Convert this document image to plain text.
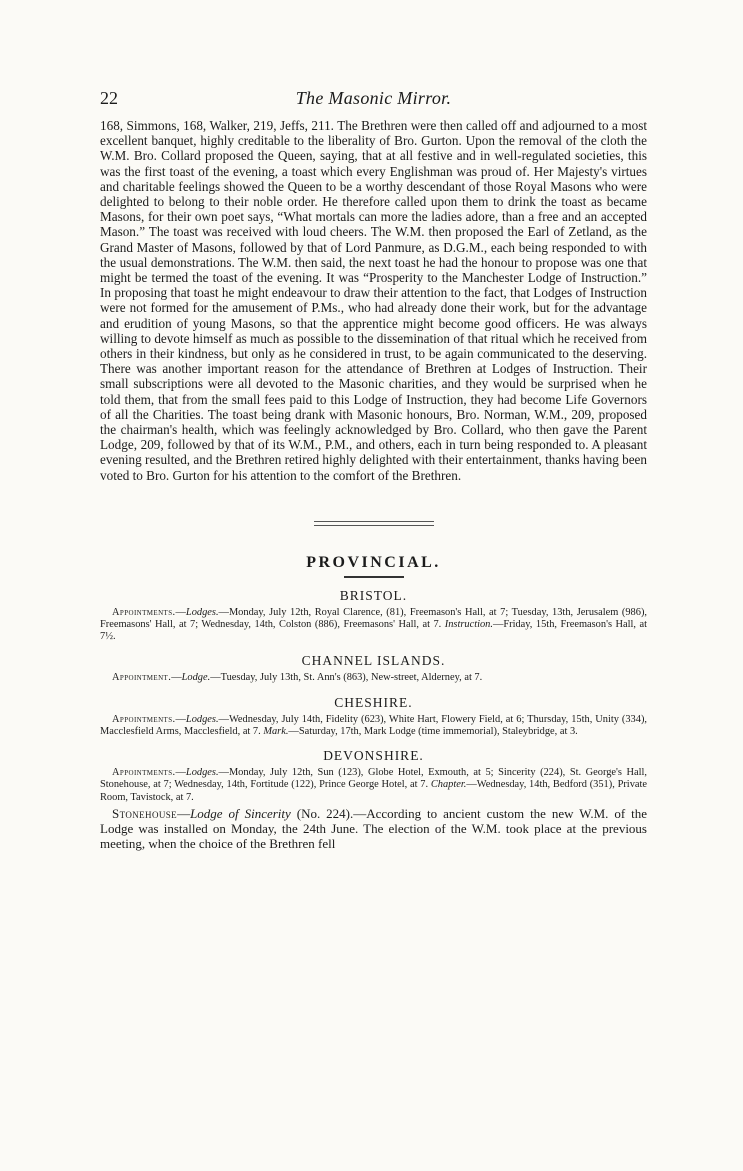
22	The Masonic Mirror.

168, Simmons, 168, Walker, 219, Jeffs, 211. The Brethren were then called off and adjourned to a most excellent banquet, highly creditable to the liberality of Bro. Gurton. Upon the removal of the cloth the W.M. Bro. Collard proposed the Queen, saying, that at all festive and in well-regulated societies, this was the first toast of the evening, a toast which every Englishman was proud of. Her Majesty's virtues and charitable feelings showed the Queen to be a worthy descendant of those Royal Masons who were delighted to belong to their noble order. He therefore called upon them to drink the toast as became Masons, for their own poet says, “What mortals can more the ladies adore, than a free and an accepted Mason.” The toast was received with loud cheers. The W.M. then proposed the Earl of Zetland, as the Grand Master of Masons, followed by that of Lord Panmure, as D.G.M., each being responded to with the usual demonstrations. The W.M. then said, the next toast he had the honour to propose was one that might be termed the toast of the evening. It was “Prosperity to the Manchester Lodge of Instruction.” In proposing that toast he might endeavour to draw their attention to the fact, that Lodges of Instruction were not formed for the amusement of P.Ms., who had already done their work, but for the advantage and erudition of young Masons, so that the apprentice might become good officers. He was always willing to devote himself as much as possible to the dissemination of that ritual which he received from others in their kindness, but only as he considered in trust, to be again communicated to the deserving. There was another important reason for the attendance of Brethren at Lodges of Instruction. Their small subscriptions were all devoted to the Masonic charities, and they would be surprised when he told them, that from the small fees paid to this Lodge of Instruction, they had become Life Governors of all the Charities. The toast being drank with Masonic honours, Bro. Norman, W.M., 209, proposed the chairman's health, which was feelingly acknowledged by Bro. Collard, who then gave the Parent Lodge, 209, followed by that of its W.M., P.M., and others, each in turn being responded to. A pleasant evening resulted, and the Brethren retired highly delighted with their entertainment, thanks having been voted to Bro. Gurton for his attention to the comfort of the Brethren.

PROVINCIAL.
BRISTOL.

Appointments.—Lodges.—Monday, July 12th, Royal Clarence, (81), Freemason's Hall, at 7; Tuesday, 13th, Jerusalem (986), Freemasons' Hall, at 7; Wednesday, 14th, Colston (886), Freemasons' Hall, at 7. Instruction.—Friday, 15th, Freemason's Hall, at 7½.

CHANNEL ISLANDS.

Appointment.—Lodge.—Tuesday, July 13th, St. Ann's (863), New-street, Alderney, at 7.

CHESHIRE.

Appointments.—Lodges.—Wednesday, July 14th, Fidelity (623), White Hart, Flowery Field, at 6; Thursday, 15th, Unity (334), Macclesfield Arms, Macclesfield, at 7. Mark.—Saturday, 17th, Mark Lodge (time immemorial), Staleybridge, at 3.

DEVONSHIRE.

Appointments.—Lodges.—Monday, July 12th, Sun (123), Globe Hotel, Exmouth, at 5; Sincerity (224), St. George's Hall, Stonehouse, at 7; Wednesday, 14th, Fortitude (122), Prince George Hotel, at 7. Chapter.—Wednesday, 14th, Bedford (351), Private Room, Tavistock, at 7.

Stonehouse—Lodge of Sincerity (No. 224).—According to ancient custom the new W.M. of the Lodge was installed on Monday, the 24th June. The election of the W.M. took place at the previous meeting, when the choice of the Brethren fell
